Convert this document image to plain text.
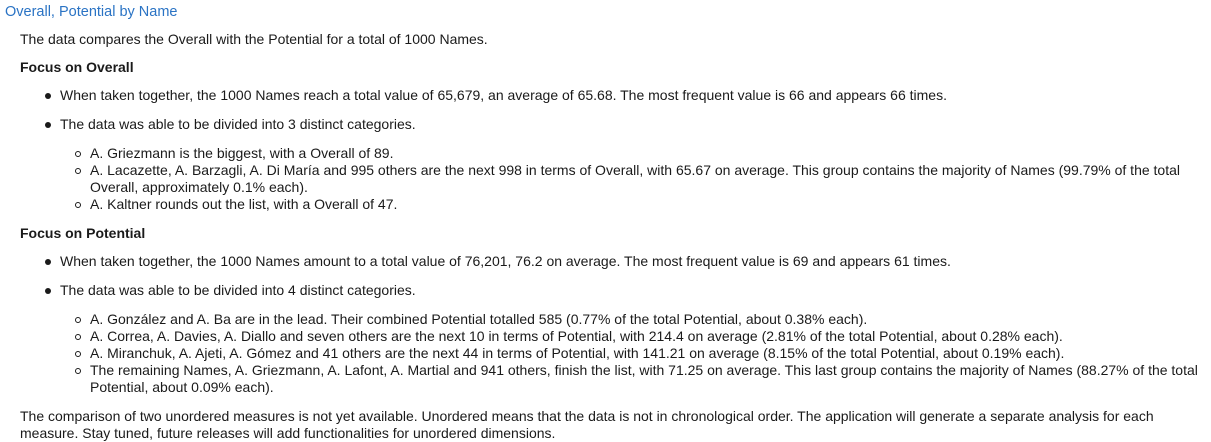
Overall, Potential by Name
The data compares the Overall with the Potential for a total of 1000 Names.
Focus on Overall
When taken together, the 1000 Names reach a total value of 65,679, an average of 65.68. The most frequent value is 66 and appears 66 times.
The data was able to be divided into 3 distinct categories.
A. Griezmann is the biggest, with a Overall of 89.
A. Lacazette, A. Barzagli, A. Di María and 995 others are the next 998 in terms of Overall, with 65.67 on average. This group contains the majority of Names (99.79% of the total Overall, approximately 0.1% each).
A. Kaltner rounds out the list, with a Overall of 47.
Focus on Potential
When taken together, the 1000 Names amount to a total value of 76,201, 76.2 on average. The most frequent value is 69 and appears 61 times.
The data was able to be divided into 4 distinct categories.
A. González and A. Ba are in the lead. Their combined Potential totalled 585 (0.77% of the total Potential, about 0.38% each).
A. Correa, A. Davies, A. Diallo and seven others are the next 10 in terms of Potential, with 214.4 on average (2.81% of the total Potential, about 0.28% each).
A. Miranchuk, A. Ajeti, A. Gómez and 41 others are the next 44 in terms of Potential, with 141.21 on average (8.15% of the total Potential, about 0.19% each).
The remaining Names, A. Griezmann, A. Lafont, A. Martial and 941 others, finish the list, with 71.25 on average. This last group contains the majority of Names (88.27% of the total Potential, about 0.09% each).
The comparison of two unordered measures is not yet available. Unordered means that the data is not in chronological order. The application will generate a separate analysis for each measure. Stay tuned, future releases will add functionalities for unordered dimensions.
